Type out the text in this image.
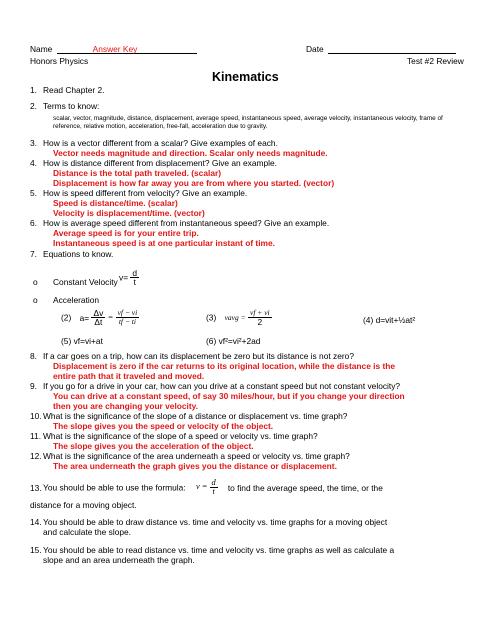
Name	Answer Key	Date
Honors Physics	Test #2 Review
Kinematics
1. Read Chapter 2.
2. Terms to know:
scalar, vector, magnitude, distance, displacement, average speed, instantaneous speed, average velocity, instantaneous velocity, frame of reference, relative motion, acceleration, free-fall, acceleration due to gravity.
3. How is a vector different from a scalar? Give examples of each.
Vector needs magnitude and direction. Scalar only needs magnitude.
4. How is distance different from displacement? Give an example.
Distance is the total path traveled. (scalar)
Displacement is how far away you are from where you started. (vector)
5. How is speed different from velocity? Give an example.
Speed is distance/time. (scalar)
Velocity is displacement/time. (vector)
6. How is average speed different from instantaneous speed? Give an example.
Average speed is for your entire trip.
Instantaneous speed is at one particular instant of time.
7. Equations to know.
o Constant Velocity $v= \frac{d}{t}$
o Acceleration
(2) $a= \frac{\Delta v}{\Delta t} = \frac{vf - vi}{tf - ti}$	(3) vavg = $\frac{vf + vi}{2}$	(4) d=vit+½at²
(5) vf=vi+at	(6) vf²=vi²+2ad
8. If a car goes on a trip, how can its displacement be zero but its distance is not zero?
Displacement is zero if the car returns to its original location, while the distance is the
entire path that it traveled and moved.
9. If you go for a drive in your car, how can you drive at a constant speed but not constant velocity?
You can drive at a constant speed, of say 30 miles/hour, but if you change your direction
then you are changing your velocity.
10.What is the significance of the slope of a distance or displacement vs. time graph?
The slope gives you the speed or velocity of the object.
11. What is the significance of the slope of a speed or velocity vs. time graph?
The slope gives you the acceleration of the object.
12.What is the significance of the area underneath a speed or velocity vs. time graph?
The area underneath the graph gives you the distance or displacement.
13.You should be able to use the formula: $v = \frac{d}{t}$ to find the average speed, the time, or the
distance for a moving object.
14.You should be able to draw distance vs. time and velocity vs. time graphs for a moving object
and calculate the slope.
15.You should be able to read distance vs. time and velocity vs. time graphs as well as calculate a
slope and an area underneath the graph.
